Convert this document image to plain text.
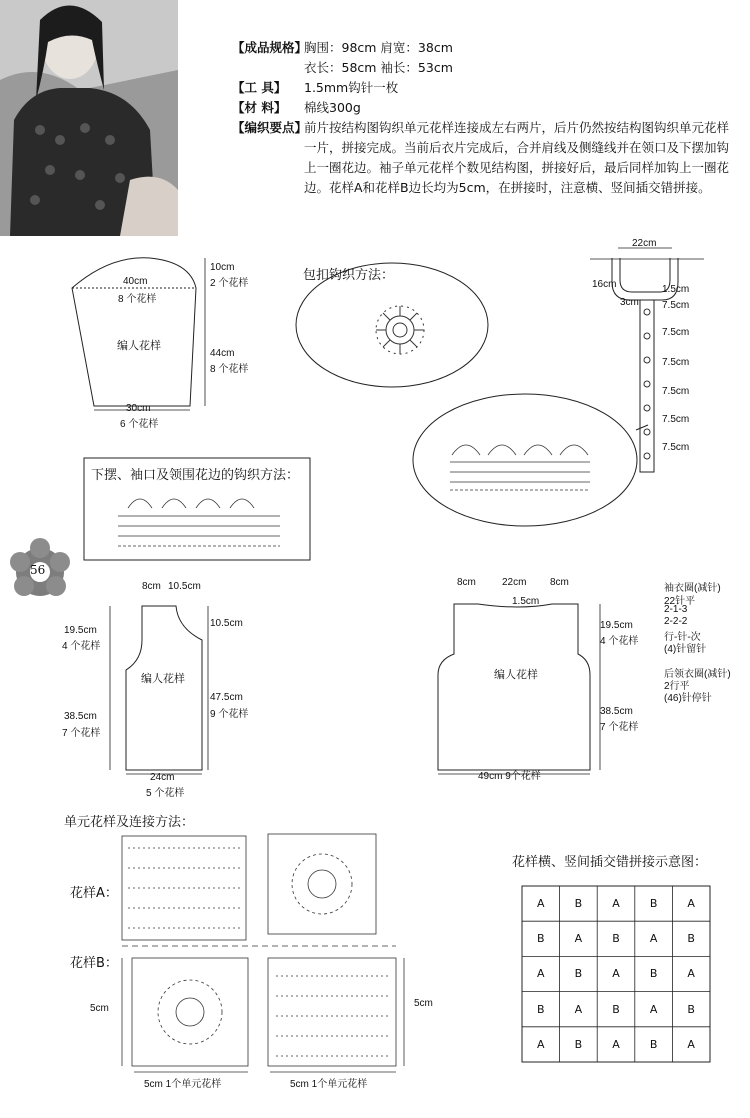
【成品规格】
胸围：98cm 肩宽：38cm
衣长：58cm 袖长：53cm
【工 具】	1.5mm钩针一枚
【材 料】	棉线300g
【编织要点】
前片按结构图钩织单元花样连接成左右两片，后片仍然按结构图钩织单元花样一片，拼接完成。当前后衣片完成后，合并肩线及侧缝线并在领口及下摆加钩上一圈花边。袖子单元花样个数见结构图，拼接好后，最后同样加钩上一圈花边。花样A和花样B边长均为5cm，在拼接时，注意横、竖间插交错拼接。
56
40cm
8 个花样
10cm
2 个花样
编人花样
44cm
8 个花样
30cm
6 个花样
包扣钩织方法：
下摆、袖口及领围花边的钩织方法：
22cm
16cm
3cm
1.5cm
7.5cm
7.5cm
7.5cm
7.5cm
7.5cm
7.5cm
8cm 10.5cm
19.5cm
4 个花样
10.5cm
编人花样
47.5cm
9 个花样
38.5cm
7 个花样
24cm
5 个花样
8cm	22cm 8cm
1.5cm
19.5cm
4 个花样
编人花样
38.5cm
7 个花样
49cm 9个花样
袖衣圈(减针)
22针平
2-1-3
2-2-2
行-针-次
(4)针留针
后领衣圈(减针)
2行平
(46)针停针
单元花样及连接方法：
花样A：
花样B：
5cm	5cm
5cm 1个单元花样	5cm 1个单元花样
花样横、竖间插交错拼接示意图：
A	B	A	B	A
B	A	B	A	B
A	B	A	B	A
B	A	B	A	B
A	B	A	B	A
